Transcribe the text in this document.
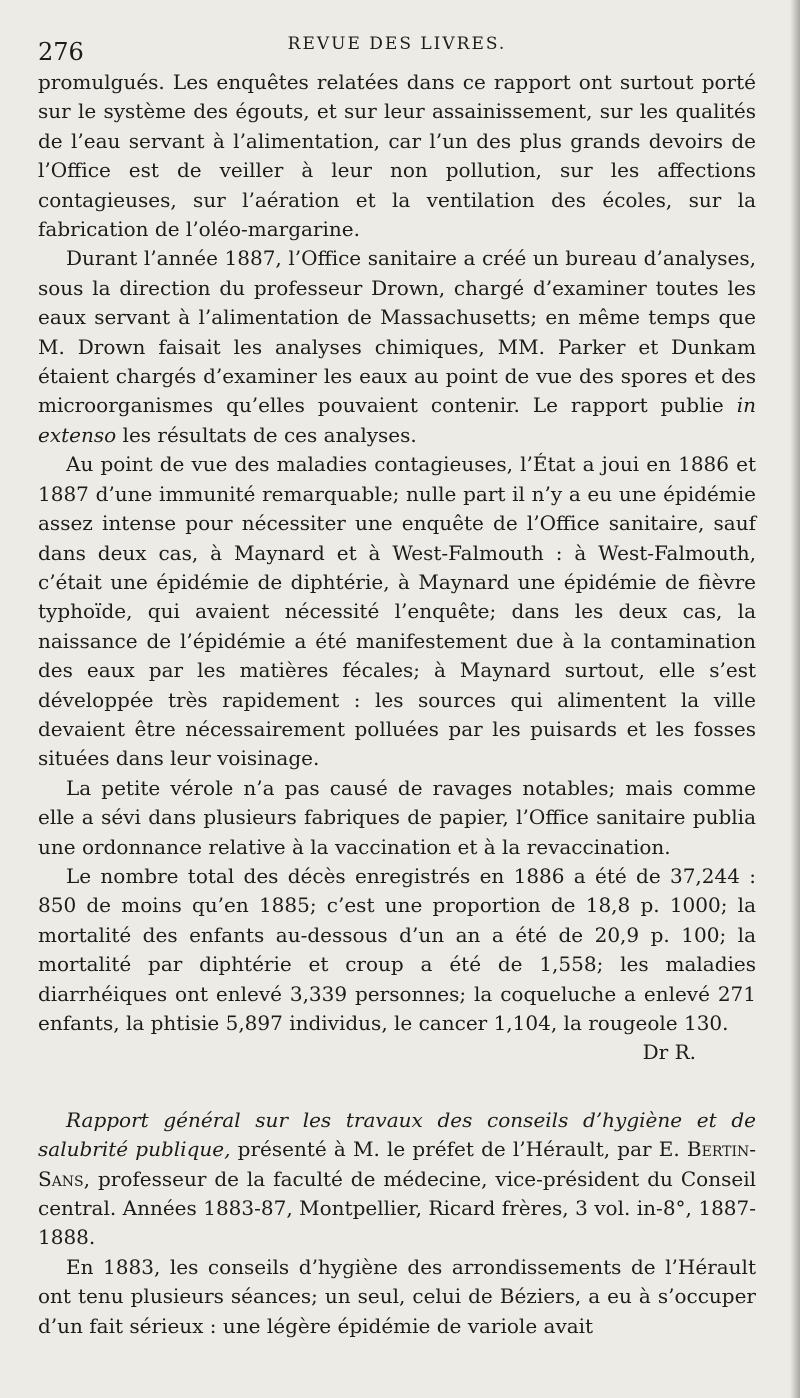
276	REVUE DES LIVRES.

promulgués. Les enquêtes relatées dans ce rapport ont surtout porté sur le système des égouts, et sur leur assainissement, sur les qualités de l’eau servant à l’alimentation, car l’un des plus grands devoirs de l’Office est de veiller à leur non pollution, sur les affections contagieuses, sur l’aération et la ventilation des écoles, sur la fabrication de l’oléo-margarine.

Durant l’année 1887, l’Office sanitaire a créé un bureau d’analyses, sous la direction du professeur Drown, chargé d’examiner toutes les eaux servant à l’alimentation de Massachusetts; en même temps que M. Drown faisait les analyses chimiques, MM. Parker et Dunkam étaient chargés d’examiner les eaux au point de vue des spores et des microorganismes qu’elles pouvaient contenir. Le rapport publie in extenso les résultats de ces analyses.

Au point de vue des maladies contagieuses, l’État a joui en 1886 et 1887 d’une immunité remarquable; nulle part il n’y a eu une épidémie assez intense pour nécessiter une enquête de l’Office sanitaire, sauf dans deux cas, à Maynard et à West-Falmouth : à West-Falmouth, c’était une épidémie de diphtérie, à Maynard une épidémie de fièvre typhoïde, qui avaient nécessité l’enquête; dans les deux cas, la naissance de l’épidémie a été manifestement due à la contamination des eaux par les matières fécales; à Maynard surtout, elle s’est développée très rapidement : les sources qui alimentent la ville devaient être nécessairement polluées par les puisards et les fosses situées dans leur voisinage.

La petite vérole n’a pas causé de ravages notables; mais comme elle a sévi dans plusieurs fabriques de papier, l’Office sanitaire publia une ordonnance relative à la vaccination et à la revaccination.

Le nombre total des décès enregistrés en 1886 a été de 37,244 : 850 de moins qu’en 1885; c’est une proportion de 18,8 p. 1000; la mortalité des enfants au-dessous d’un an a été de 20,9 p. 100; la mortalité par diphtérie et croup a été de 1,558; les maladies diarrhéiques ont enlevé 3,339 personnes; la coqueluche a enlevé 271 enfants, la phtisie 5,897 individus, le cancer 1,104, la rougeole 130.

Dr R.

Rapport général sur les travaux des conseils d’hygiène et de salubrité publique, présenté à M. le préfet de l’Hérault, par E. Bertin-Sans, professeur de la faculté de médecine, vice-président du Conseil central. Années 1883-87, Montpellier, Ricard frères, 3 vol. in-8°, 1887-1888.

En 1883, les conseils d’hygiène des arrondissements de l’Hérault ont tenu plusieurs séances; un seul, celui de Béziers, a eu à s’occuper d’un fait sérieux : une légère épidémie de variole avait
